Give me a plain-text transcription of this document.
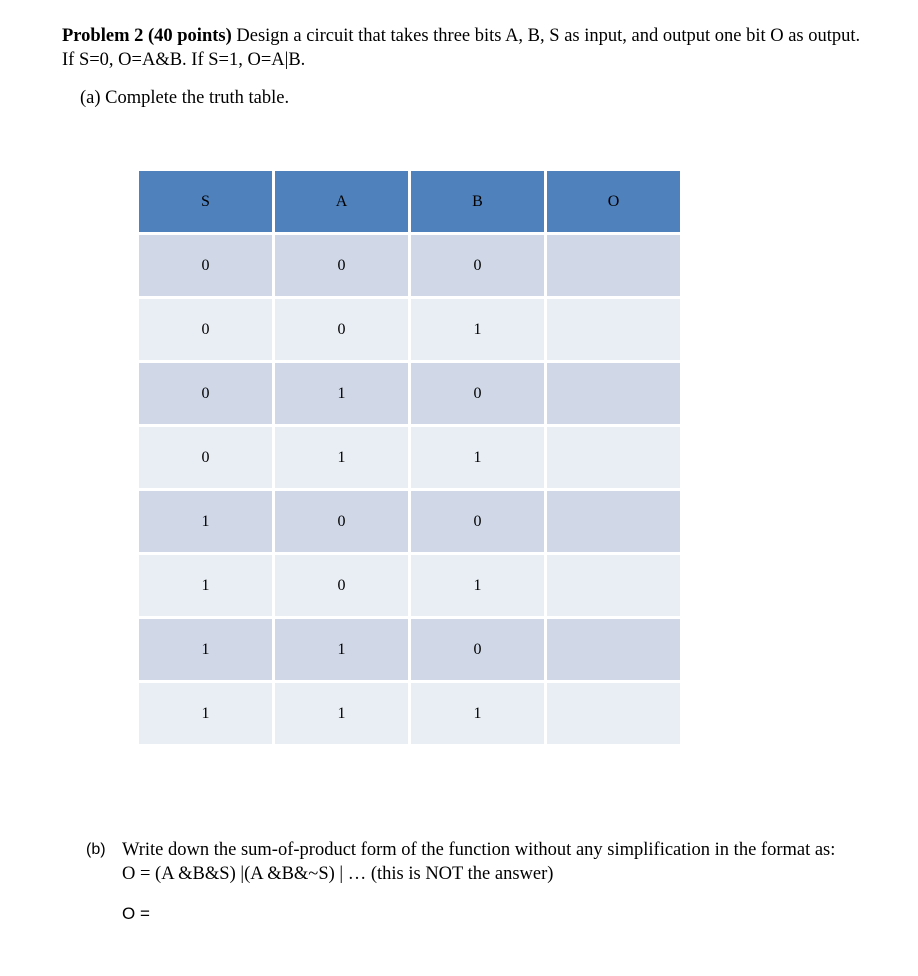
Problem 2 (40 points) Design a circuit that takes three bits A, B, S as input, and output one bit O as output. If S=0, O=A&B. If S=1, O=A|B.
(a) Complete the truth table.
S	A	B	O
0	0	0	
0	0	1	
0	1	0	
0	1	1	
1	0	0	
1	0	1	
1	1	0	
1	1	1	
(b) Write down the sum-of-product form of the function without any simplification in the format as: O = (A &B&S) |(A &B&~S) | … (this is NOT the answer)
O =
